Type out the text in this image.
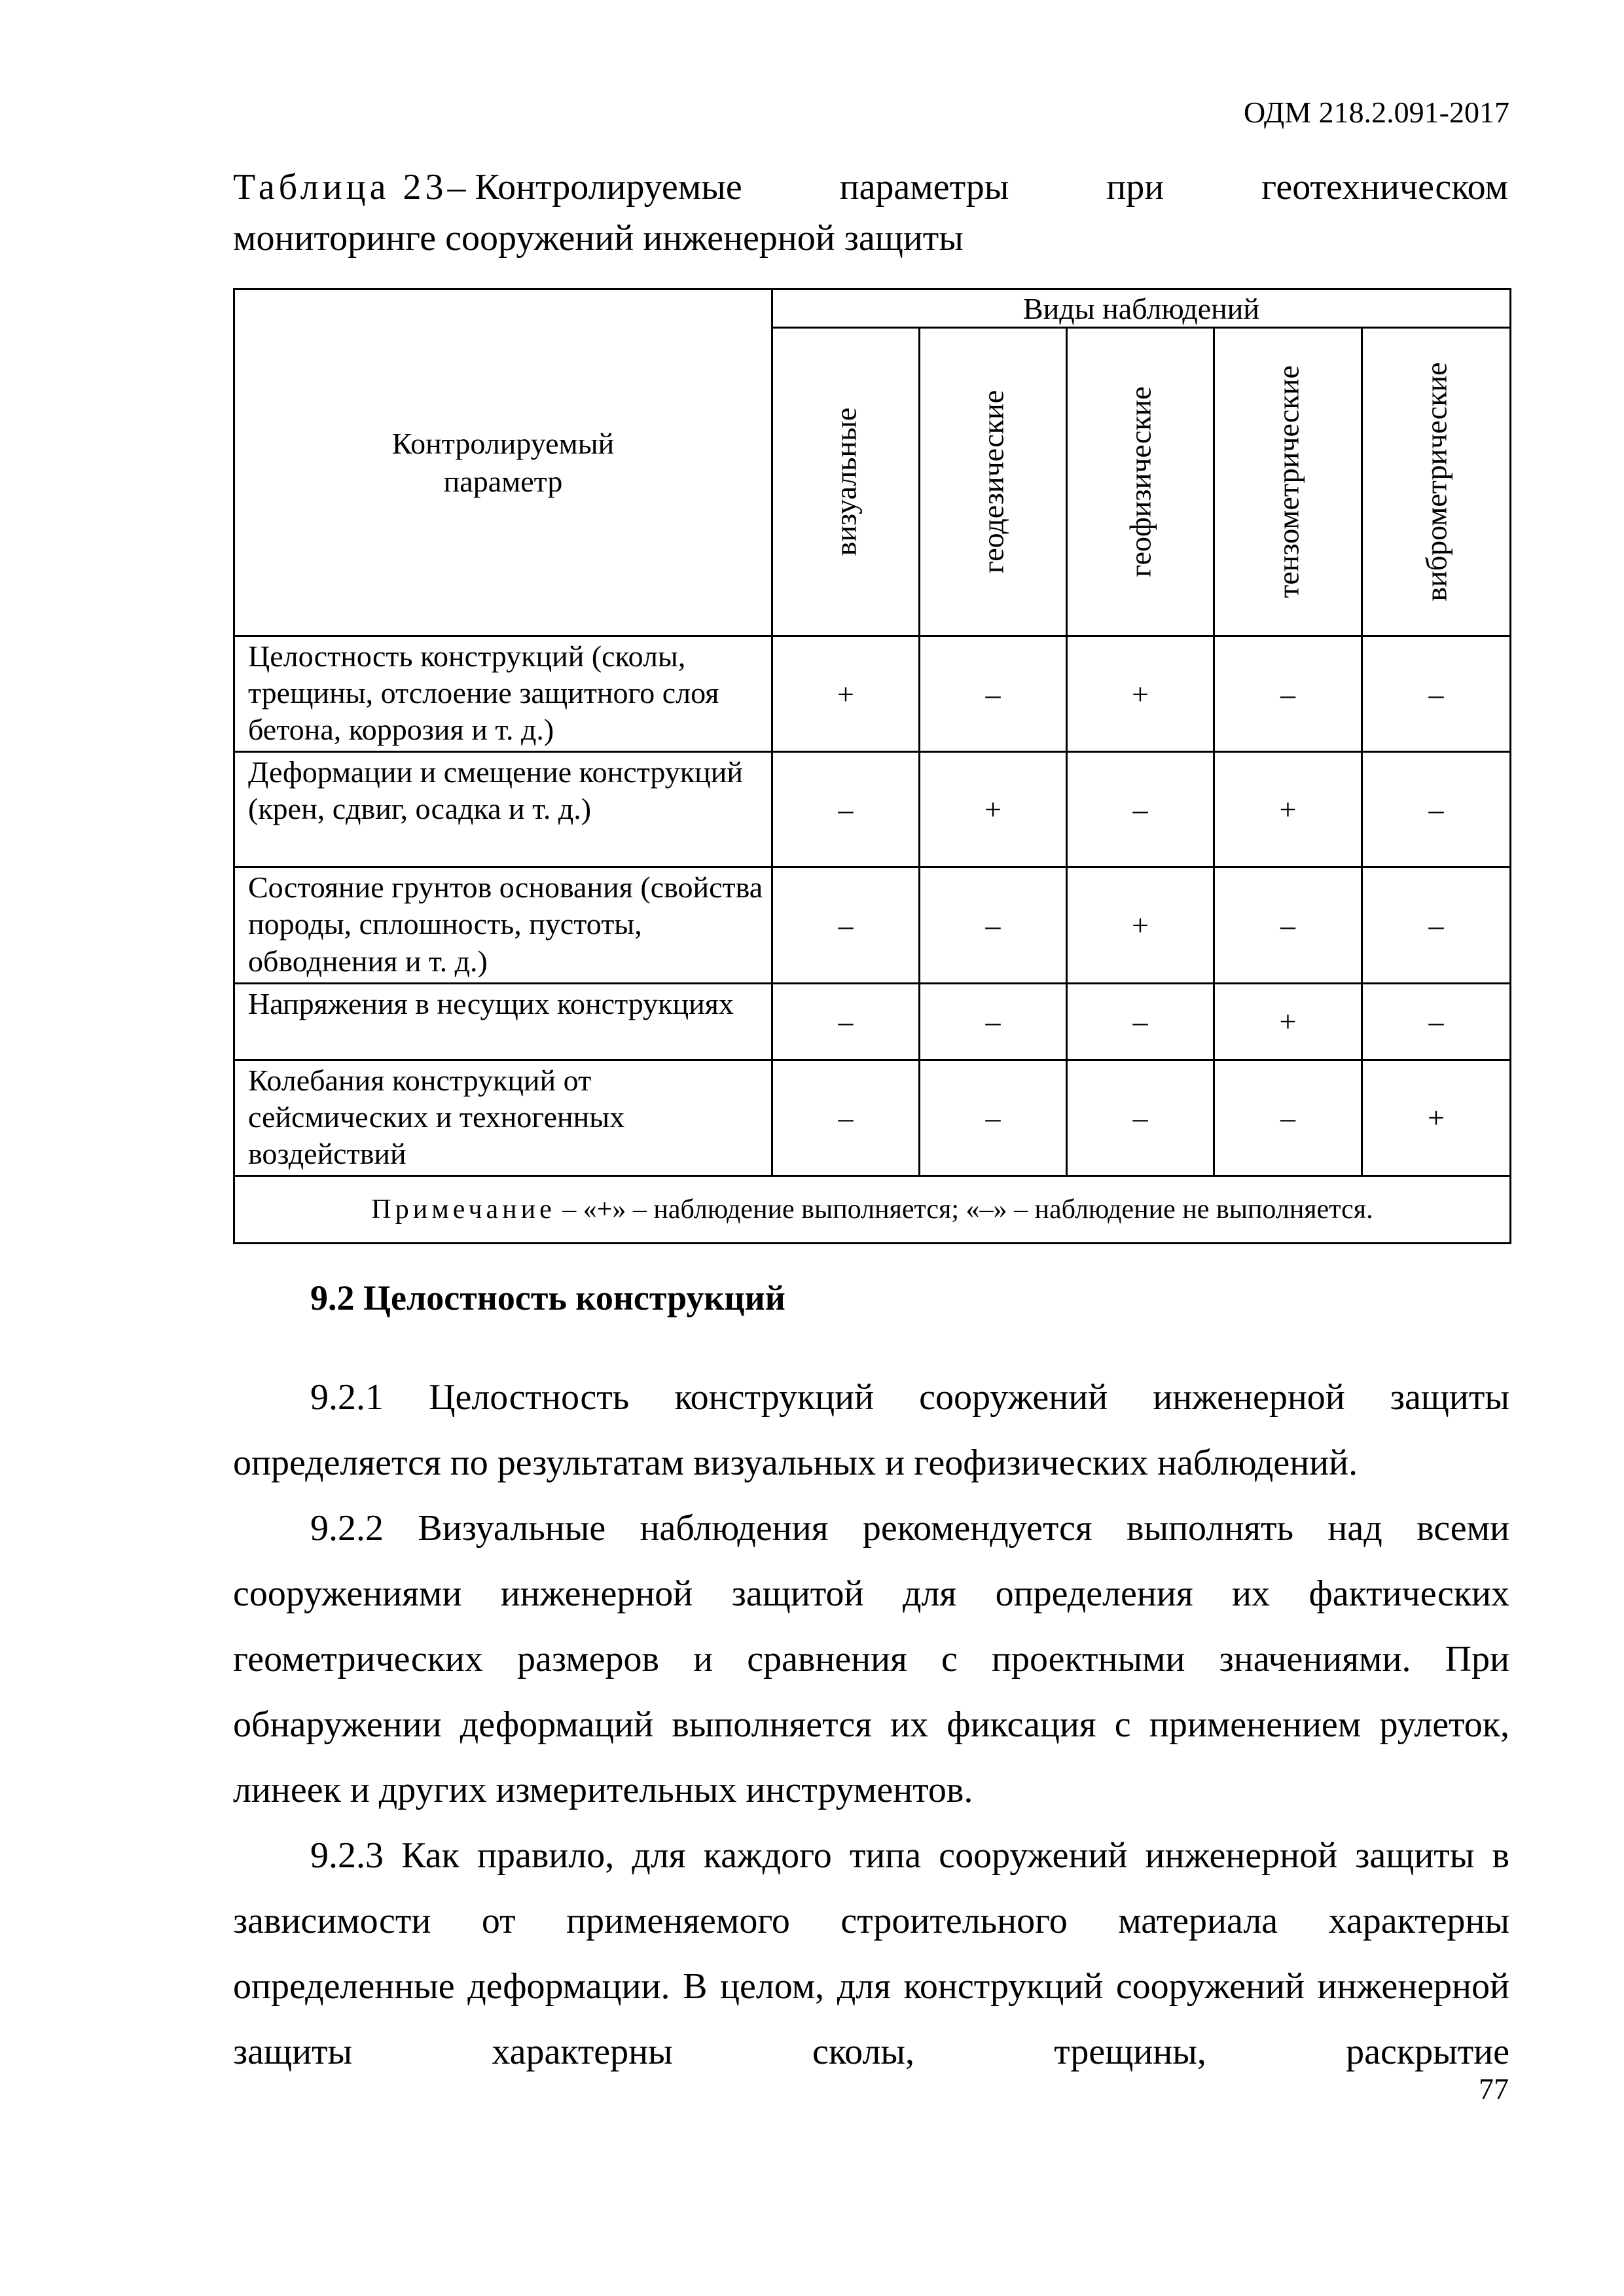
ОДМ 218.2.091-2017
Таблица 23– Контролируемые	параметры	при	геотехническом
мониторинге сооружений инженерной защиты
Контролируемый параметр	Виды наблюдений				

	визуальные	геодезические	геофизические	тензометрические	виброметрические

Целостность конструкций (сколы, трещины, отслоение защитного слоя бетона, коррозия и т. д.)	+	–	+	–	–
Деформации и смещение конструкций (крен, сдвиг, осадка и т. д.)	–	+	–	+	–
Состояние грунтов основания (свойства породы, сплошность, пустоты, обводнения и т. д.)	–	–	+	–	–
Напряжения в несущих конструкциях	–	–	–	+	–
Колебания конструкций от сейсмических и техногенных воздействий	–	–	–	–	+
Примечание – «+» – наблюдение выполняется; «–» – наблюдение не выполняется.					
9.2 Целостность конструкций
9.2.1 Целостность конструкций сооружений инженерной защиты определяется по результатам визуальных и геофизических наблюдений.
9.2.2 Визуальные наблюдения рекомендуется выполнять над всеми сооружениями инженерной защитой для определения их фактических геометрических размеров и сравнения с проектными значениями. При обнаружении деформаций выполняется их фиксация с применением рулеток, линеек и других измерительных инструментов.
9.2.3 Как правило, для каждого типа сооружений инженерной защиты в зависимости от применяемого строительного материала характерны определенные деформации. В целом, для конструкций сооружений инженерной защиты характерны сколы, трещины, раскрытие
77
